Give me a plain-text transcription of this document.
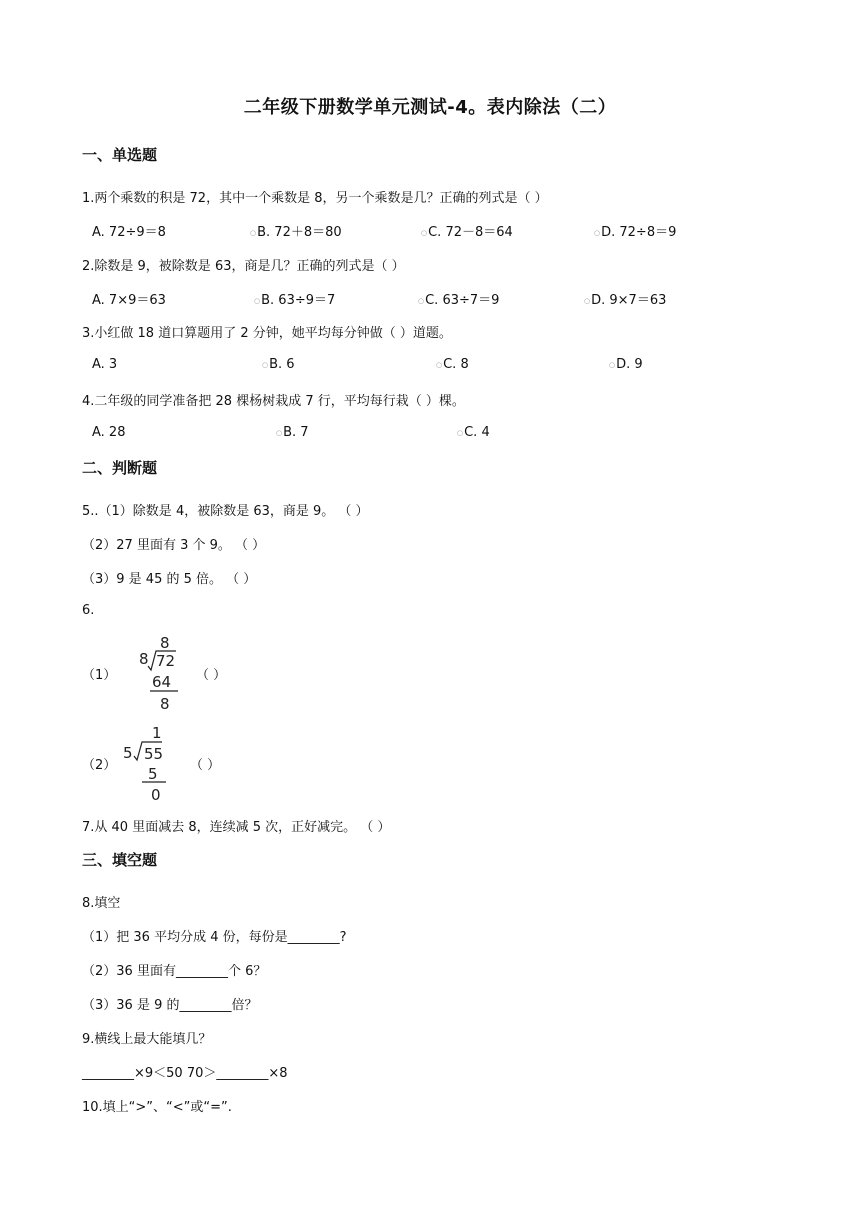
二年级下册数学单元测试-4。表内除法（二）
一、单选题
1.两个乘数的积是 72，其中一个乘数是 8，另一个乘数是几？正确的列式是（ ）
A. 72÷9＝8	○B. 72＋8＝80	○C. 72－8＝64	○D. 72÷8＝9
2.除数是 9，被除数是 63，商是几？正确的列式是（ ）
A. 7×9＝63	○B. 63÷9＝7	○C. 63÷7＝9	○D. 9×7＝63
3.小红做 18 道口算题用了 2 分钟，她平均每分钟做（ ）道题。
A. 3	○B. 6	○C. 8	○D. 9
4.二年级的同学准备把 28 棵杨树栽成 7 行，平均每行栽（ ）棵。
A. 28	○B. 7	○C. 4
二、判断题
5..（1）除数是 4，被除数是 63，商是 9。 （ ）
（2）27 里面有 3 个 9。 （ ）
（3）9 是 45 的 5 倍。 （ ）
6.
（1）
8
8 72
64
8
（ ）
（2）
1
5 55
5
0
（ ）
7.从 40 里面减去 8，连续减 5 次，正好减完。 （ ）
三、填空题
8.填空
（1）把 36 平均分成 4 份，每份是________?
（2）36 里面有________个 6？
（3）36 是 9 的________倍？
9.横线上最大能填几？
________×9＜50 70＞________×8
10.填上“>”、“<”或“=”.
